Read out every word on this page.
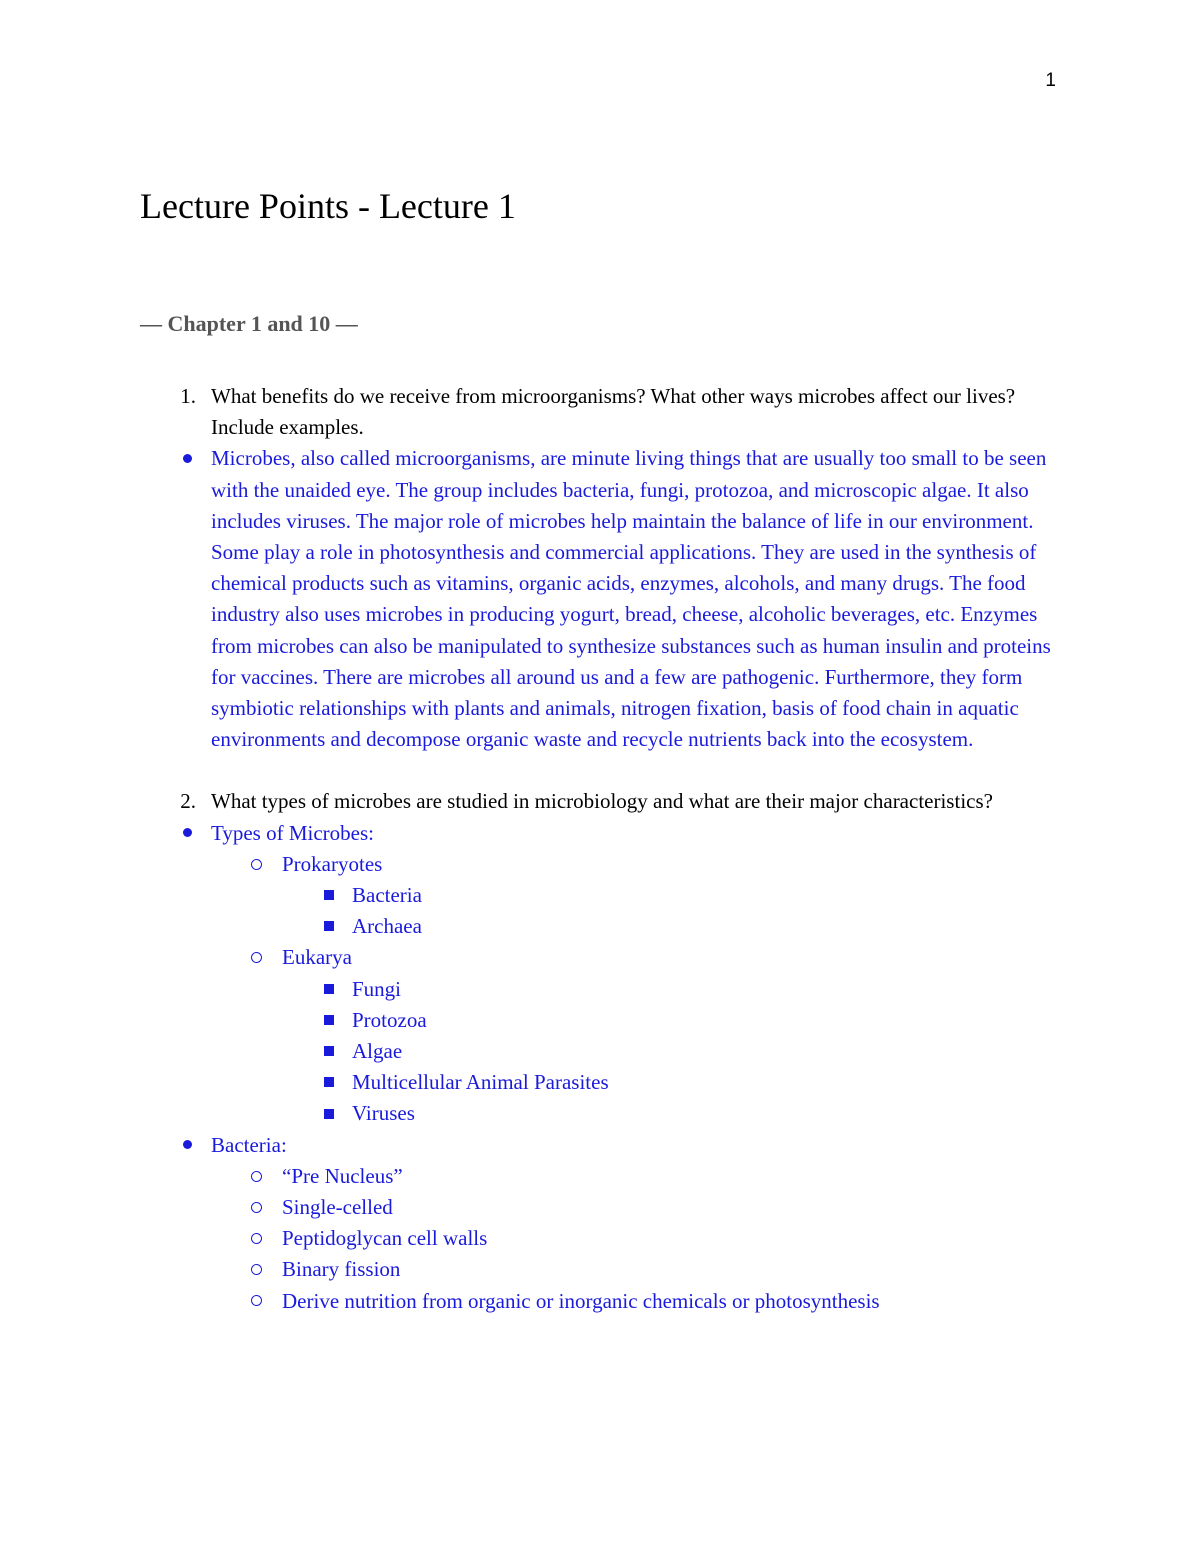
1
Lecture Points - Lecture 1
— Chapter 1 and 10 —
1. What benefits do we receive from microorganisms? What other ways microbes affect our lives? Include examples.
Microbes, also called microorganisms, are minute living things that are usually too small to be seen with the unaided eye. The group includes bacteria, fungi, protozoa, and microscopic algae. It also includes viruses. The major role of microbes help maintain the balance of life in our environment. Some play a role in photosynthesis and commercial applications. They are used in the synthesis of chemical products such as vitamins, organic acids, enzymes, alcohols, and many drugs. The food industry also uses microbes in producing yogurt, bread, cheese, alcoholic beverages, etc. Enzymes from microbes can also be manipulated to synthesize substances such as human insulin and proteins for vaccines. There are microbes all around us and a few are pathogenic. Furthermore, they form symbiotic relationships with plants and animals, nitrogen fixation, basis of food chain in aquatic environments and decompose organic waste and recycle nutrients back into the ecosystem.
2. What types of microbes are studied in microbiology and what are their major characteristics?
Types of Microbes:
Prokaryotes
Bacteria
Archaea
Eukarya
Fungi
Protozoa
Algae
Multicellular Animal Parasites
Viruses
Bacteria:
“Pre Nucleus”
Single-celled
Peptidoglycan cell walls
Binary fission
Derive nutrition from organic or inorganic chemicals or photosynthesis
